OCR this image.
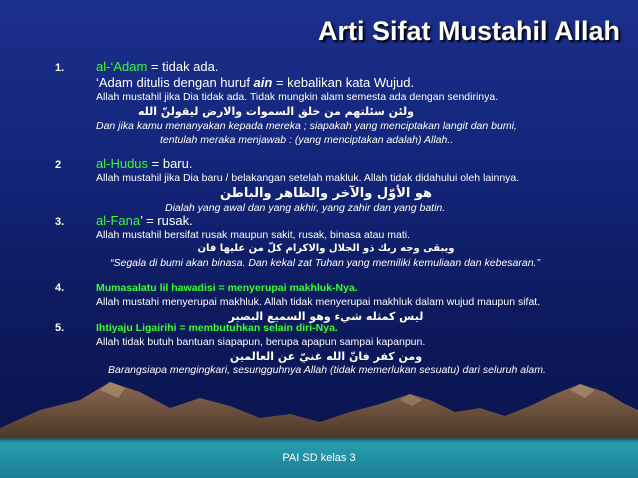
Arti Sifat Mustahil Allah
1. al-‘Adam = tidak ada.
‘Adam ditulis dengan huruf ain = kebalikan kata Wujud.
Allah mustahil jika Dia tidak ada. Tidak mungkin alam semesta ada dengan sendirinya.
ولئن سئلتهم من خلق السموات والارض ليقولنّ الله
Dan jika kamu menanyakan kepada mereka ; siapakah yang menciptakan langit dan bumi,
tentulah meraka menjawab : (yang menciptakan adalah) Allah..
2	al-Hudus = baru.
Allah mustahil jika Dia baru / belakangan setelah makluk. Allah tidak didahului oleh lainnya.
هو الأوّل والآخر والظاهر والباطن
Dialah yang awal dan yang akhir, yang zahir dan yang batin.
3. al-Fana’ = rusak.
Allah mustahil bersifat rusak maupun sakit, rusak, binasa atau mati.
ويبقى وجه ربك ذو الجلال والاكرام كلّ من عليها فان
“Segala di bumi akan binasa. Dan kekal zat Tuhan yang memiliki kemuliaan dan kebesaran.”
4.	Mumasalatu lil hawadisi = menyerupai makhluk-Nya.
Allah mustahi menyerupai makhluk. Allah tidak menyerupai makhluk dalam wujud maupun sifat.
ليس كمثله شيء وهو السميع البصير
5.	Ihtiyaju Ligairihi = membutuhkan selain diri-Nya.
Allah tidak butuh bantuan siapapun, berupa apapun sampai kapanpun.
ومن كفر فانّ الله غنيّ عن العالمين
Barangsiapa mengingkari, sesungguhnya Allah (tidak memerlukan sesuatu) dari seluruh alam.
PAI SD kelas 3
